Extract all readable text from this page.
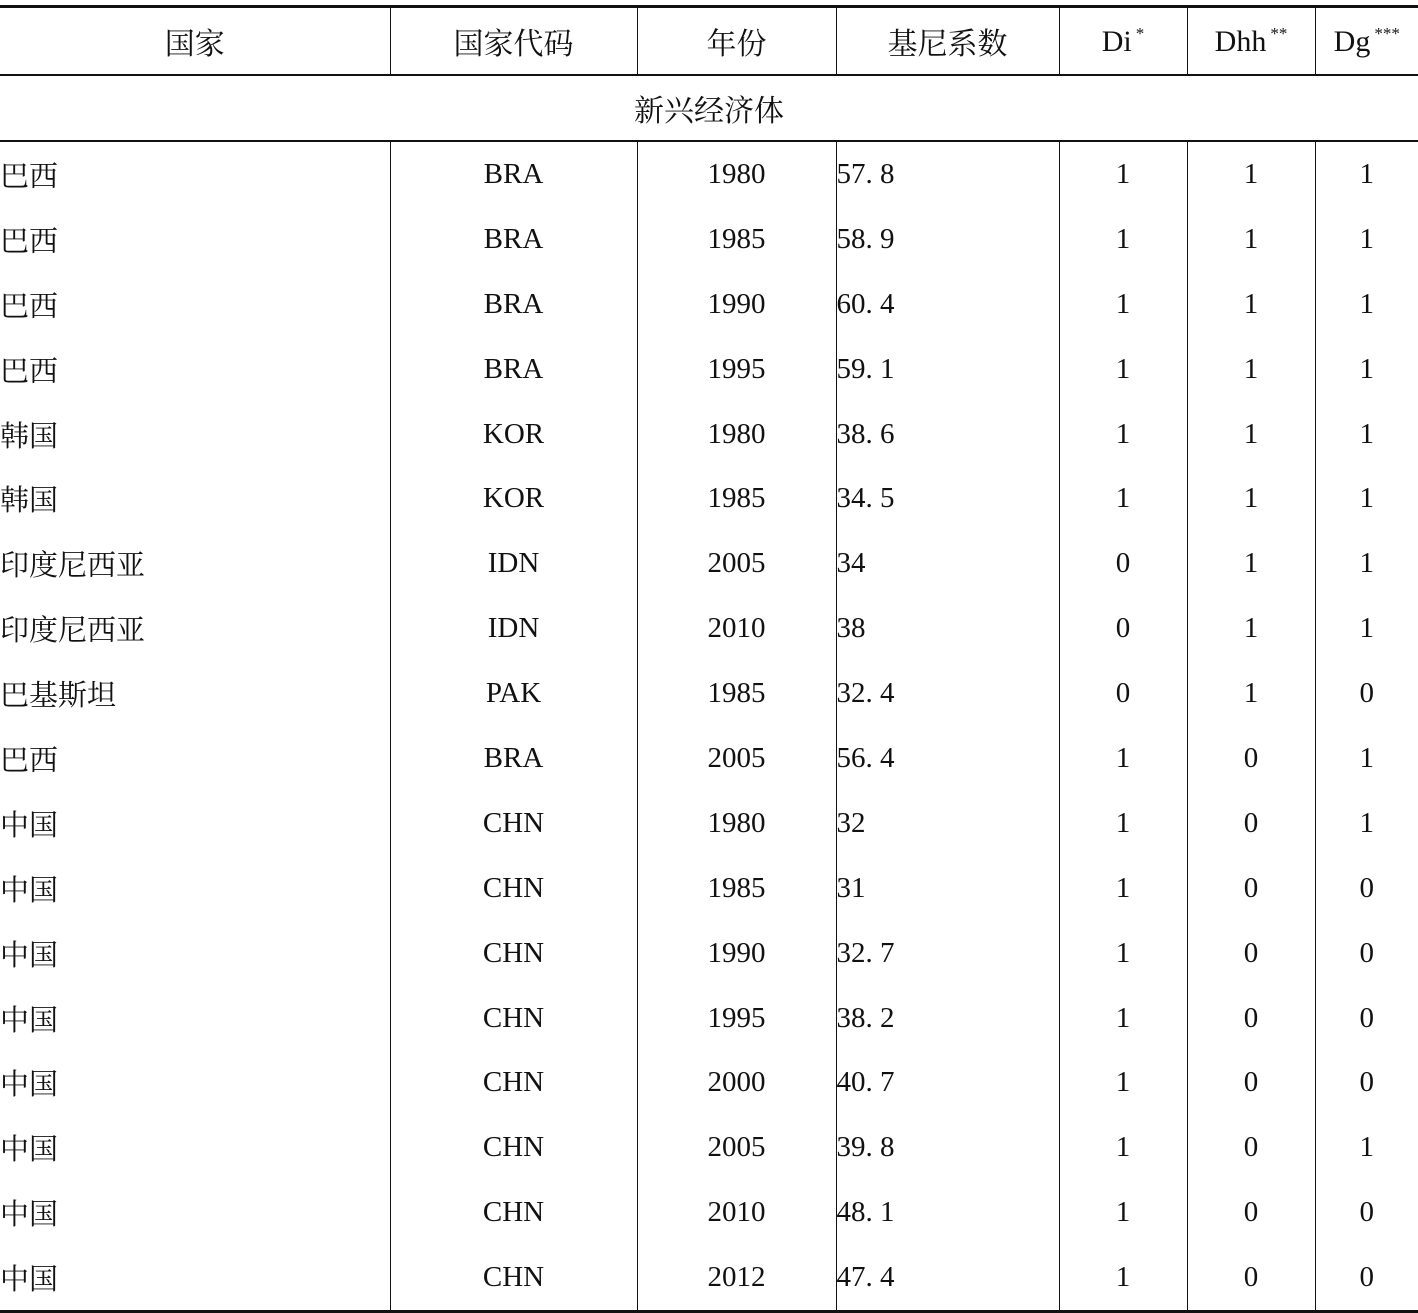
国家	国家代码	年份	基尼系数	Di *	Dhh **	Dg ***
新兴经济体						
巴西	BRA	1980	57. 8	1	1	1
巴西	BRA	1985	58. 9	1	1	1
巴西	BRA	1990	60. 4	1	1	1
巴西	BRA	1995	59. 1	1	1	1
韩国	KOR	1980	38. 6	1	1	1
韩国	KOR	1985	34. 5	1	1	1
印度尼西亚	IDN	2005	34	0	1	1
印度尼西亚	IDN	2010	38	0	1	1
巴基斯坦	PAK	1985	32. 4	0	1	0
巴西	BRA	2005	56. 4	1	0	1
中国	CHN	1980	32	1	0	1
中国	CHN	1985	31	1	0	0
中国	CHN	1990	32. 7	1	0	0
中国	CHN	1995	38. 2	1	0	0
中国	CHN	2000	40. 7	1	0	0
中国	CHN	2005	39. 8	1	0	1
中国	CHN	2010	48. 1	1	0	0
中国	CHN	2012	47. 4	1	0	0
